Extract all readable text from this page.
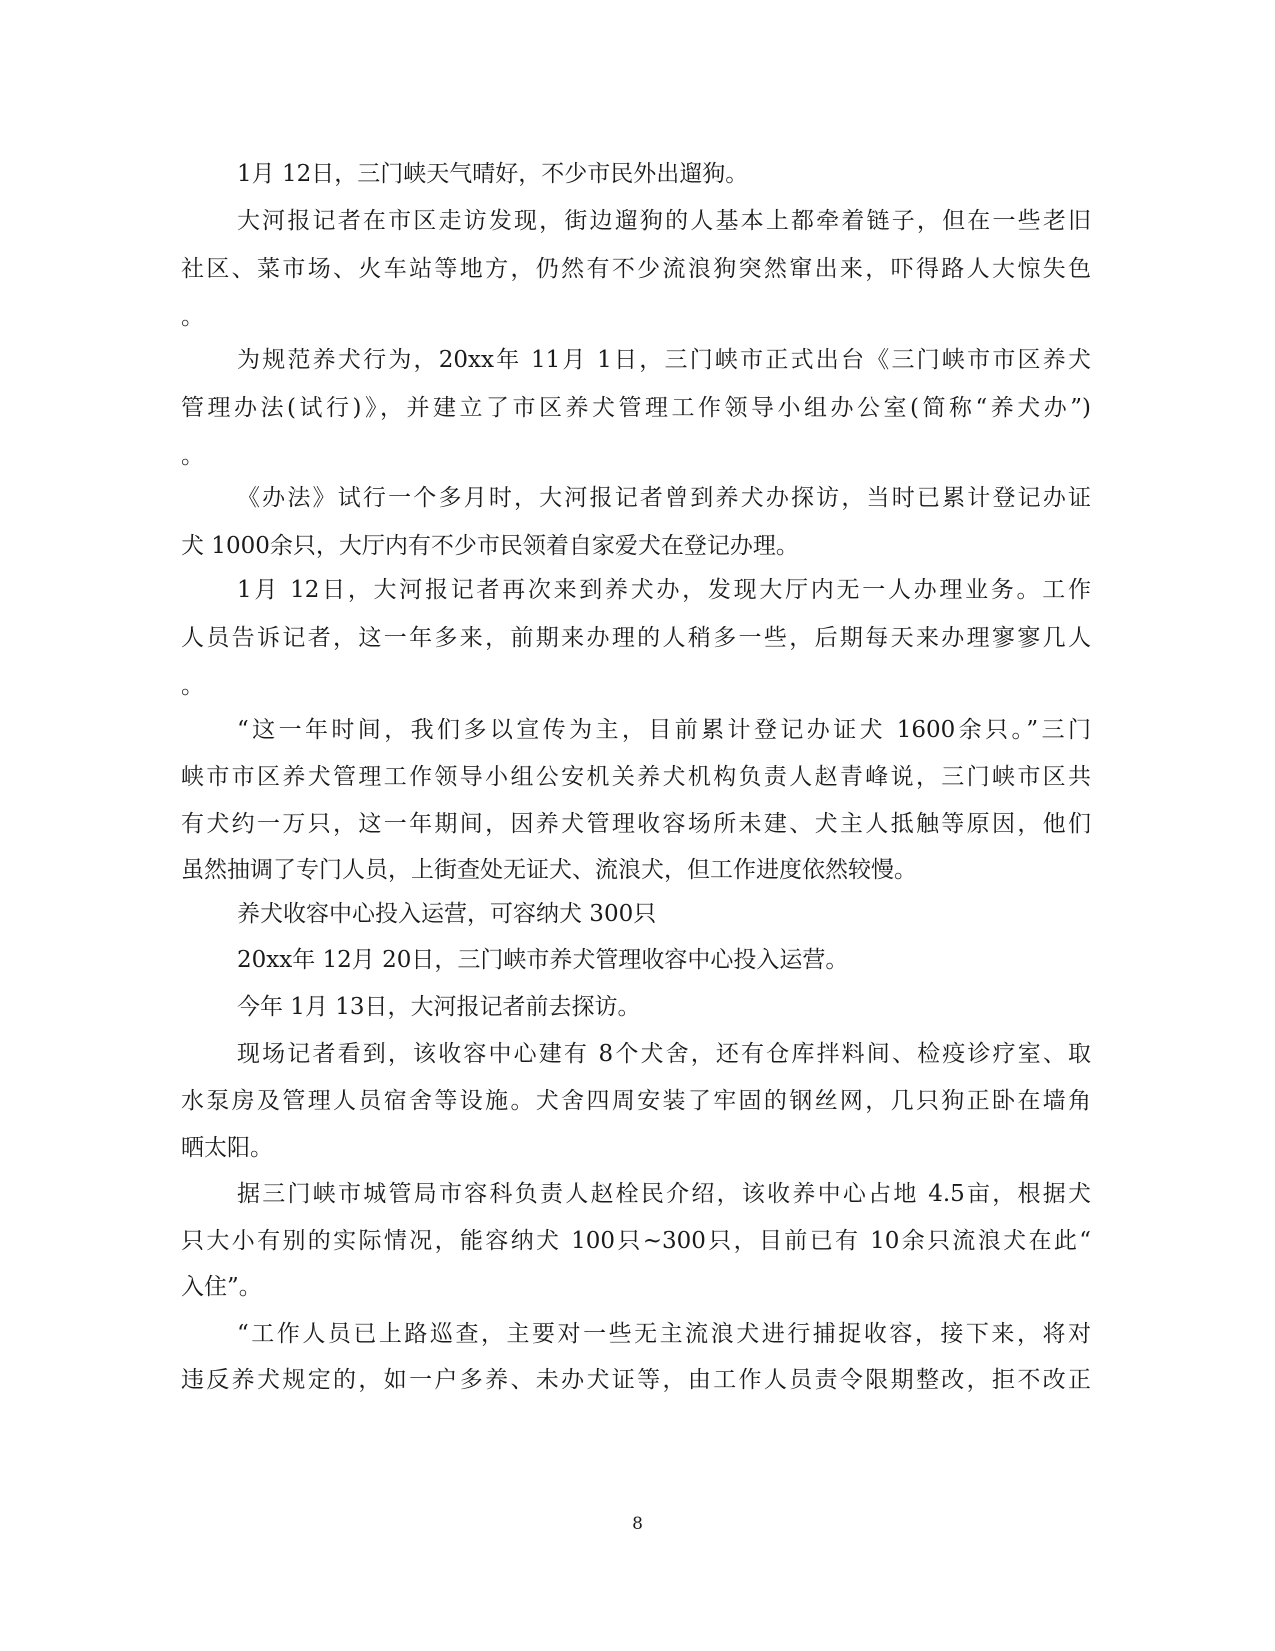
1月 12日，三门峡天气晴好，不少市民外出遛狗。
大河报记者在市区走访发现，街边遛狗的人基本上都牵着链子，但在一些老旧
社区、菜市场、火车站等地方，仍然有不少流浪狗突然窜出来，吓得路人大惊失色
。
为规范养犬行为，20xx年 11月 1日，三门峡市正式出台《三门峡市市区养犬
管理办法(试行)》，并建立了市区养犬管理工作领导小组办公室(简称“养犬办”)
。
《办法》试行一个多月时，大河报记者曾到养犬办探访，当时已累计登记办证
犬 1000余只，大厅内有不少市民领着自家爱犬在登记办理。
1月 12日，大河报记者再次来到养犬办，发现大厅内无一人办理业务。工作
人员告诉记者，这一年多来，前期来办理的人稍多一些，后期每天来办理寥寥几人
。
“这一年时间，我们多以宣传为主，目前累计登记办证犬 1600余只。”三门
峡市市区养犬管理工作领导小组公安机关养犬机构负责人赵青峰说，三门峡市区共
有犬约一万只，这一年期间，因养犬管理收容场所未建、犬主人抵触等原因，他们
虽然抽调了专门人员，上街查处无证犬、流浪犬，但工作进度依然较慢。
养犬收容中心投入运营，可容纳犬 300只
20xx年 12月 20日，三门峡市养犬管理收容中心投入运营。
今年 1月 13日，大河报记者前去探访。
现场记者看到，该收容中心建有 8个犬舍，还有仓库拌料间、检疫诊疗室、取
水泵房及管理人员宿舍等设施。犬舍四周安装了牢固的钢丝网，几只狗正卧在墙角
晒太阳。
据三门峡市城管局市容科负责人赵栓民介绍，该收养中心占地 4.5亩，根据犬
只大小有别的实际情况，能容纳犬 100只~300只，目前已有 10余只流浪犬在此“
入住”。
“工作人员已上路巡查，主要对一些无主流浪犬进行捕捉收容，接下来，将对
违反养犬规定的，如一户多养、未办犬证等，由工作人员责令限期整改，拒不改正
8
